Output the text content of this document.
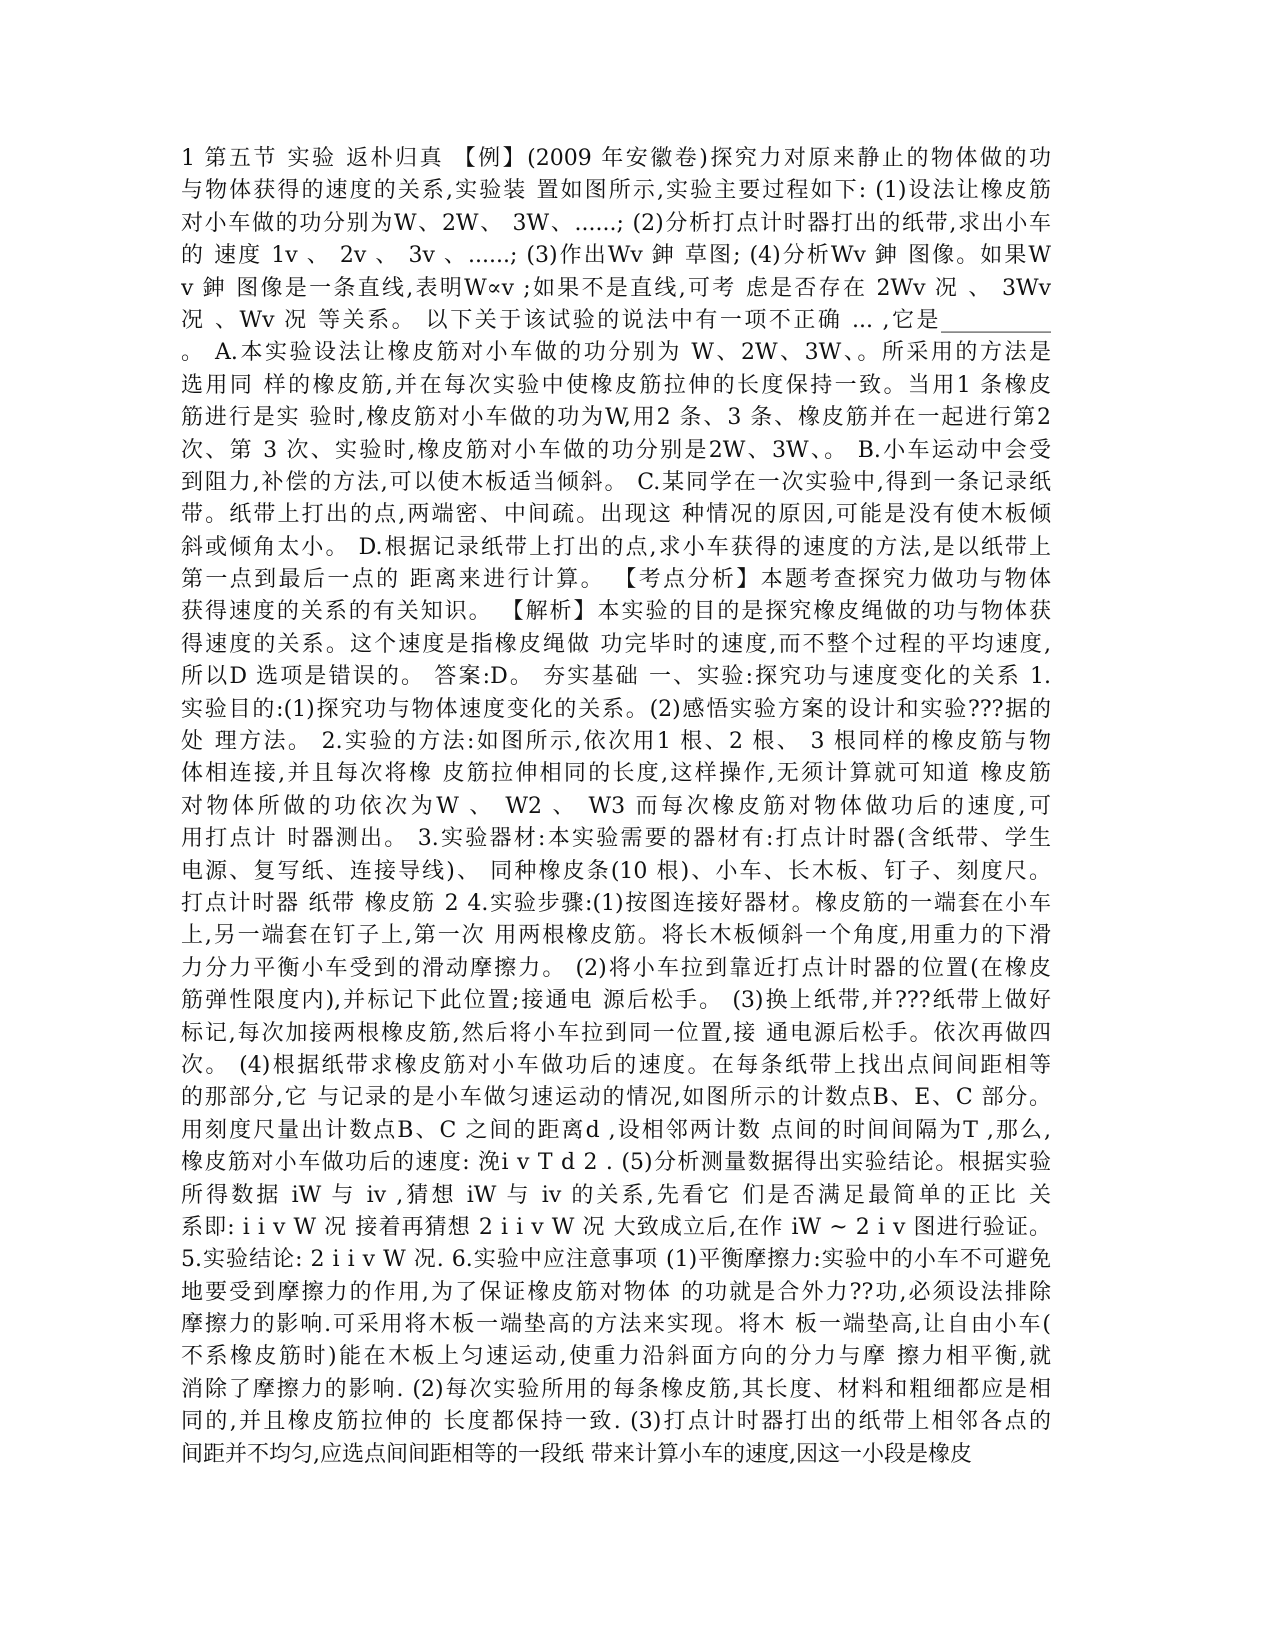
1 第五节 实验 返朴归真 【例】(2009 年安徽卷)探究力对原来静止的物体做的功
与物体获得的速度的关系,实验装 置如图所示,实验主要过程如下: (1)设法让橡皮筋
对小车做的功分别为W、2W、 3W、......; (2)分析打点计时器打出的纸带,求出小车
的 速度 1v 、 2v 、 3v 、......; (3)作出Wv 鉮 草图; (4)分析Wv 鉮 图像。如果W
v 鉮 图像是一条直线,表明W∝v ;如果不是直线,可考 虑是否存在 2Wv 况 、 3Wv
况 、Wv 况 等关系。 以下关于该试验的说法中有一项不正确 ... ,它是__________
。 A.本实验设法让橡皮筋对小车做的功分别为 W、2W、3W、。所采用的方法是
选用同 样的橡皮筋,并在每次实验中使橡皮筋拉伸的长度保持一致。当用1 条橡皮
筋进行是实 验时,橡皮筋对小车做的功为W,用2 条、3 条、橡皮筋并在一起进行第2
次、第 3 次、实验时,橡皮筋对小车做的功分别是2W、3W、。 B.小车运动中会受
到阻力,补偿的方法,可以使木板适当倾斜。 C.某同学在一次实验中,得到一条记录纸
带。纸带上打出的点,两端密、中间疏。出现这 种情况的原因,可能是没有使木板倾
斜或倾角太小。 D.根据记录纸带上打出的点,求小车获得的速度的方法,是以纸带上
第一点到最后一点的 距离来进行计算。 【考点分析】本题考查探究力做功与物体
获得速度的关系的有关知识。 【解析】本实验的目的是探究橡皮绳做的功与物体获
得速度的关系。这个速度是指橡皮绳做 功完毕时的速度,而不整个过程的平均速度,
所以D 选项是错误的。 答案:D。 夯实基础 一、实验:探究功与速度变化的关系 1.
实验目的:(1)探究功与物体速度变化的关系。(2)感悟实验方案的设计和实验???据的
处 理方法。 2.实验的方法:如图所示,依次用1 根、2 根、 3 根同样的橡皮筋与物
体相连接,并且每次将橡 皮筋拉伸相同的长度,这样操作,无须计算就可知道 橡皮筋
对物体所做的功依次为W 、 W2 、 W3 而每次橡皮筋对物体做功后的速度,可
用打点计 时器测出。 3.实验器材:本实验需要的器材有:打点计时器(含纸带、学生
电源、复写纸、连接导线)、 同种橡皮条(10 根)、小车、长木板、钉子、刻度尺。
打点计时器 纸带 橡皮筋 2 4.实验步骤:(1)按图连接好器材。橡皮筋的一端套在小车
上,另一端套在钉子上,第一次 用两根橡皮筋。将长木板倾斜一个角度,用重力的下滑
力分力平衡小车受到的滑动摩擦力。 (2)将小车拉到靠近打点计时器的位置(在橡皮
筋弹性限度内),并标记下此位置;接通电 源后松手。 (3)换上纸带,并???纸带上做好
标记,每次加接两根橡皮筋,然后将小车拉到同一位置,接 通电源后松手。依次再做四
次。 (4)根据纸带求橡皮筋对小车做功后的速度。在每条纸带上找出点间间距相等
的那部分,它 与记录的是小车做匀速运动的情况,如图所示的计数点B、E、C 部分。
用刻度尺量出计数点B、C 之间的距离d ,设相邻两计数 点间的时间间隔为T ,那么,
橡皮筋对小车做功后的速度: 浼i v T d 2 . (5)分析测量数据得出实验结论。根据实验
所得数据 iW 与 iv ,猜想 iW 与 iv 的关系,先看它 们是否满足最简单的正比 关
系即: i i v W 况 接着再猜想 2 i i v W 况 大致成立后,在作 iW ~ 2 i v 图进行验证。
5.实验结论: 2 i i v W 况. 6.实验中应注意事项 (1)平衡摩擦力:实验中的小车不可避免
地要受到摩擦力的作用,为了保证橡皮筋对物体 的功就是合外力??功,必须设法排除
摩擦力的影响.可采用将木板一端垫高的方法来实现。将木 板一端垫高,让自由小车(
不系橡皮筋时)能在木板上匀速运动,使重力沿斜面方向的分力与摩 擦力相平衡,就
消除了摩擦力的影响. (2)每次实验所用的每条橡皮筋,其长度、材料和粗细都应是相
同的,并且橡皮筋拉伸的 长度都保持一致. (3)打点计时器打出的纸带上相邻各点的
间距并不均匀,应选点间间距相等的一段纸 带来计算小车的速度,因这一小段是橡皮
